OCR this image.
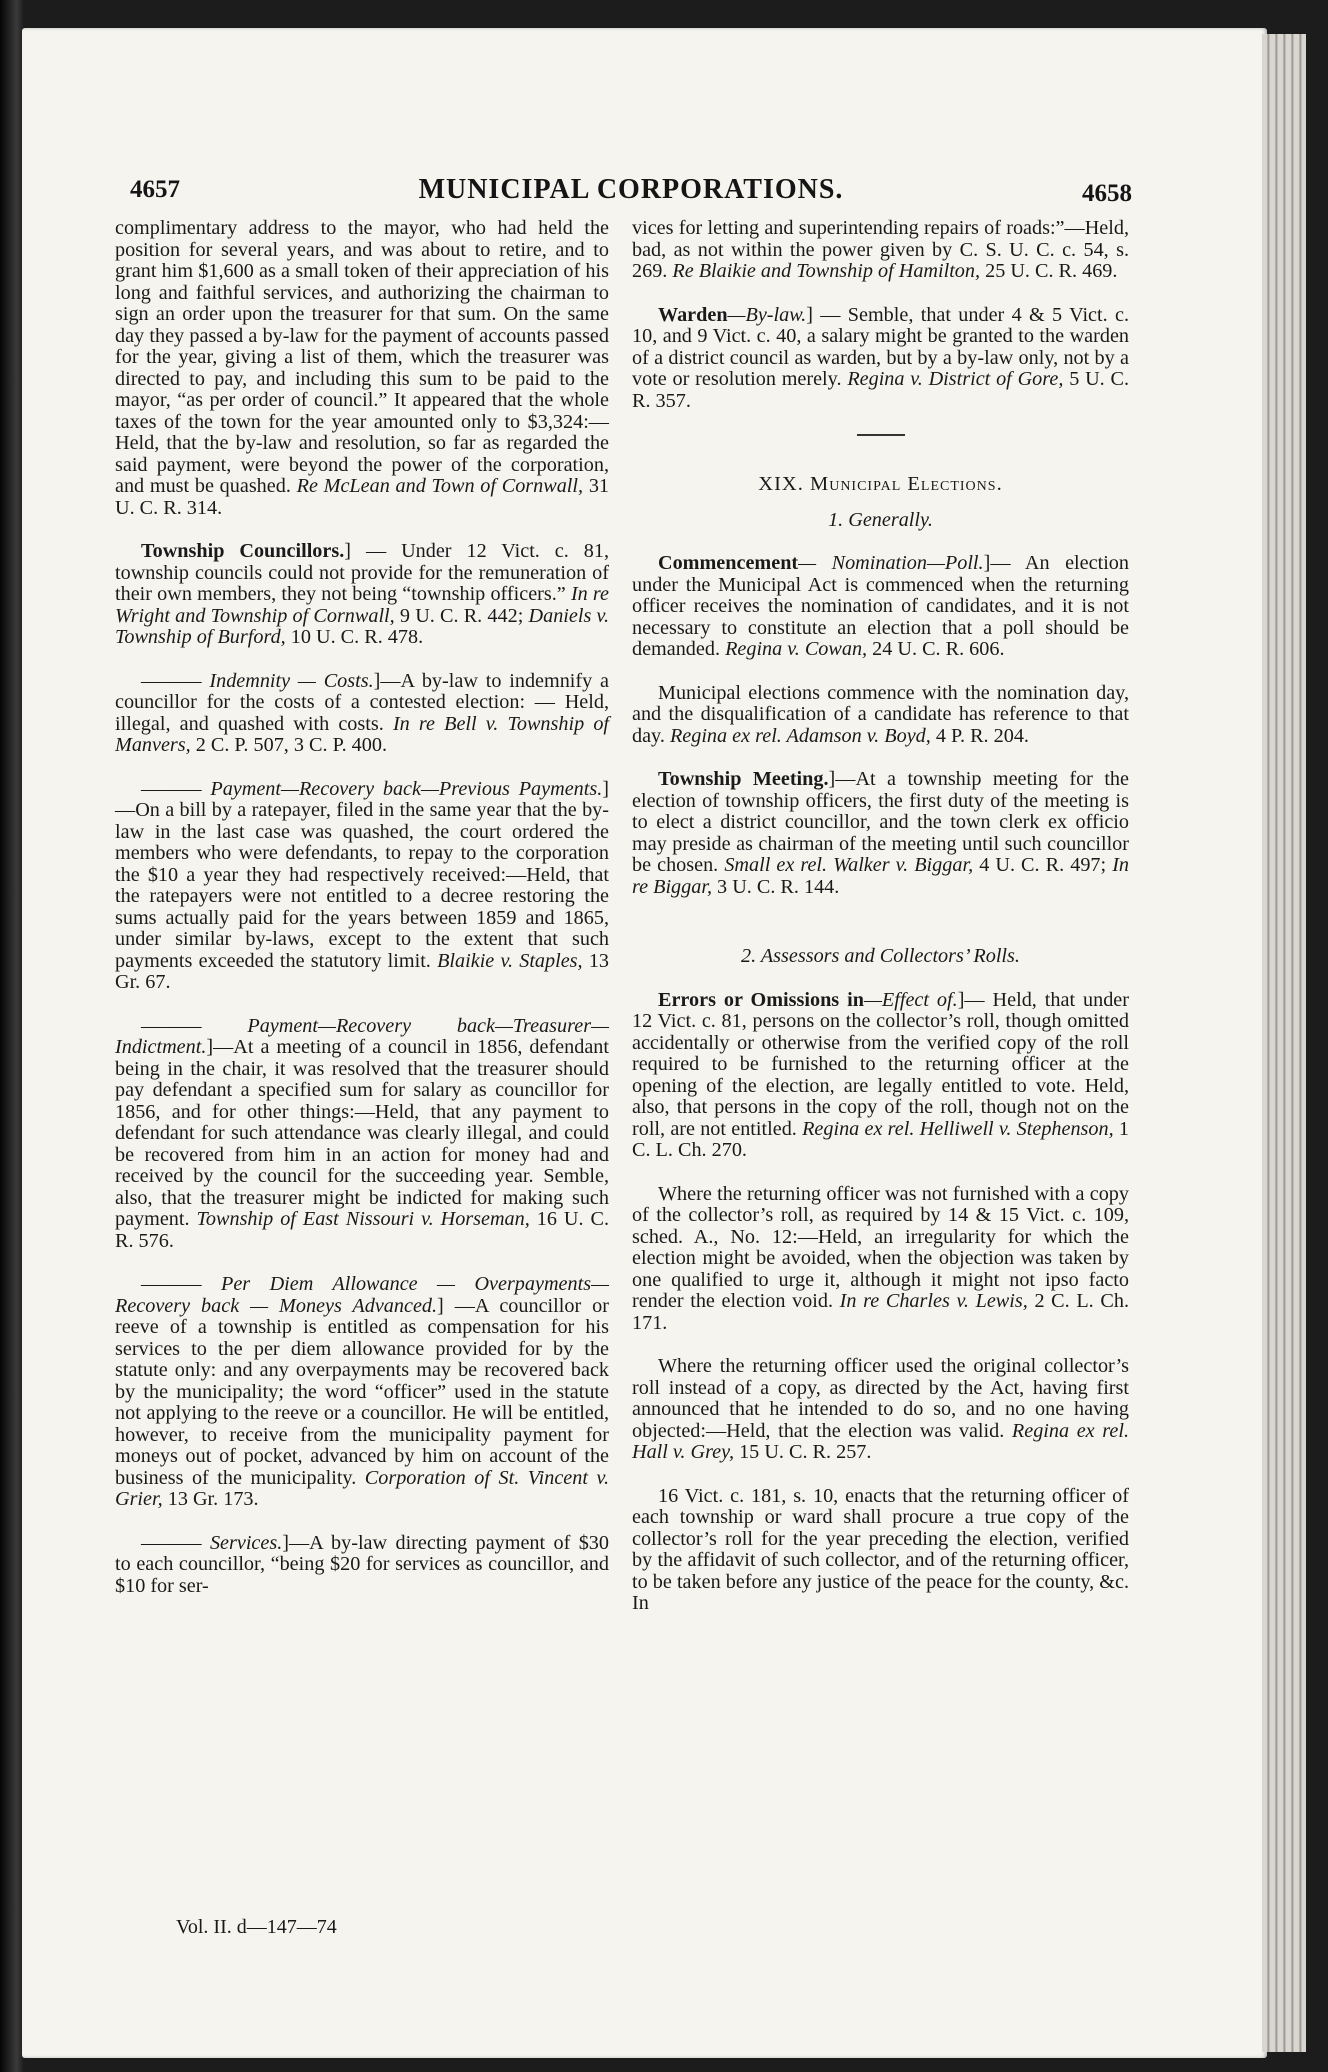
4657	MUNICIPAL CORPORATIONS.	4658

complimentary address to the mayor, who had held the position for several years, and was about to retire, and to grant him $1,600 as a small token of their appreciation of his long and faithful services, and authorizing the chairman to sign an order upon the treasurer for that sum. On the same day they passed a by-law for the payment of accounts passed for the year, giving a list of them, which the treasurer was directed to pay, and including this sum to be paid to the mayor, “as per order of council.” It appeared that the whole taxes of the town for the year amounted only to $3,324:—Held, that the by-law and resolution, so far as regarded the said payment, were beyond the power of the corporation, and must be quashed. Re McLean and Town of Cornwall, 31 U. C. R. 314.

Township Councillors.] — Under 12 Vict. c. 81, township councils could not provide for the remuneration of their own members, they not being “township officers.” In re Wright and Township of Cornwall, 9 U. C. R. 442; Daniels v. Township of Burford, 10 U. C. R. 478.

——— Indemnity — Costs.]—A by-law to indemnify a councillor for the costs of a contested election: — Held, illegal, and quashed with costs. In re Bell v. Township of Manvers, 2 C. P. 507, 3 C. P. 400.

——— Payment—Recovery back—Previous Payments.]—On a bill by a ratepayer, filed in the same year that the by-law in the last case was quashed, the court ordered the members who were defendants, to repay to the corporation the $10 a year they had respectively received:—Held, that the ratepayers were not entitled to a decree restoring the sums actually paid for the years between 1859 and 1865, under similar by-laws, except to the extent that such payments exceeded the statutory limit. Blaikie v. Staples, 13 Gr. 67.

——— Payment—Recovery back—Treasurer—Indictment.]—At a meeting of a council in 1856, defendant being in the chair, it was resolved that the treasurer should pay defendant a specified sum for salary as councillor for 1856, and for other things:—Held, that any payment to defendant for such attendance was clearly illegal, and could be recovered from him in an action for money had and received by the council for the succeeding year. Semble, also, that the treasurer might be indicted for making such payment. Township of East Nissouri v. Horseman, 16 U. C. R. 576.

——— Per Diem Allowance — Overpayments—Recovery back — Moneys Advanced.] —A councillor or reeve of a township is entitled as compensation for his services to the per diem allowance provided for by the statute only: and any overpayments may be recovered back by the municipality; the word “officer” used in the statute not applying to the reeve or a councillor. He will be entitled, however, to receive from the municipality payment for moneys out of pocket, advanced by him on account of the business of the municipality. Corporation of St. Vincent v. Grier, 13 Gr. 173.

——— Services.]—A by-law directing payment of $30 to each councillor, “being $20 for services as councillor, and $10 for ser-

Vol. II. d—147—74

vices for letting and superintending repairs of roads:”—Held, bad, as not within the power given by C. S. U. C. c. 54, s. 269. Re Blaikie and Township of Hamilton, 25 U. C. R. 469.

Warden—By-law.] — Semble, that under 4 & 5 Vict. c. 10, and 9 Vict. c. 40, a salary might be granted to the warden of a district council as warden, but by a by-law only, not by a vote or resolution merely. Regina v. District of Gore, 5 U. C. R. 357.

XIX. Municipal Elections.
1. Generally.

Commencement— Nomination—Poll.]— An election under the Municipal Act is commenced when the returning officer receives the nomination of candidates, and it is not necessary to constitute an election that a poll should be demanded. Regina v. Cowan, 24 U. C. R. 606.

Municipal elections commence with the nomination day, and the disqualification of a candidate has reference to that day. Regina ex rel. Adamson v. Boyd, 4 P. R. 204.

Township Meeting.]—At a township meeting for the election of township officers, the first duty of the meeting is to elect a district councillor, and the town clerk ex officio may preside as chairman of the meeting until such councillor be chosen. Small ex rel. Walker v. Biggar, 4 U. C. R. 497; In re Biggar, 3 U. C. R. 144.

2. Assessors and Collectors’ Rolls.

Errors or Omissions in—Effect of.]— Held, that under 12 Vict. c. 81, persons on the collector’s roll, though omitted accidentally or otherwise from the verified copy of the roll required to be furnished to the returning officer at the opening of the election, are legally entitled to vote. Held, also, that persons in the copy of the roll, though not on the roll, are not entitled. Regina ex rel. Helliwell v. Stephenson, 1 C. L. Ch. 270.

Where the returning officer was not furnished with a copy of the collector’s roll, as required by 14 & 15 Vict. c. 109, sched. A., No. 12:—Held, an irregularity for which the election might be avoided, when the objection was taken by one qualified to urge it, although it might not ipso facto render the election void. In re Charles v. Lewis, 2 C. L. Ch. 171.

Where the returning officer used the original collector’s roll instead of a copy, as directed by the Act, having first announced that he intended to do so, and no one having objected:—Held, that the election was valid. Regina ex rel. Hall v. Grey, 15 U. C. R. 257.

16 Vict. c. 181, s. 10, enacts that the returning officer of each township or ward shall procure a true copy of the collector’s roll for the year preceding the election, verified by the affidavit of such collector, and of the returning officer, to be taken before any justice of the peace for the county, &c. In
